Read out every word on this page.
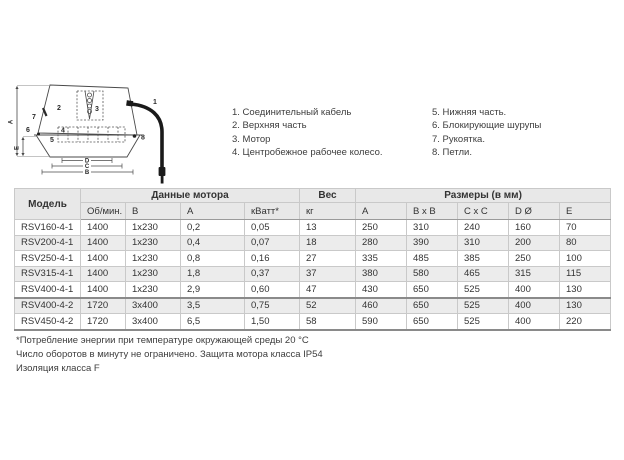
1
2	3
4
5
6
7
8
A
E
D
C
B
1. Соединительный кабель
2. Верхняя часть
3. Мотор
4. Центробежное рабочее колесо.
5. Нижняя часть.
6. Блокирующие шурупы
7. Рукоятка.
8. Петли.
Модель	Данные мотора				Вес	Размеры (в мм)				
	Об/мин.	В	А	кВатт*	кг	A	B x B	C x C	D Ø	E
RSV160-4-1	1400	1x230	0,2	0,05	13	250	310	240	160	70
RSV200-4-1	1400	1x230	0,4	0,07	18	280	390	310	200	80
RSV250-4-1	1400	1x230	0,8	0,16	27	335	485	385	250	100
RSV315-4-1	1400	1x230	1,8	0,37	37	380	580	465	315	115
RSV400-4-1	1400	1x230	2,9	0,60	47	430	650	525	400	130
RSV400-4-2	1720	3x400	3,5	0,75	52	460	650	525	400	130
RSV450-4-2	1720	3x400	6,5	1,50	58	590	650	525	400	220

*Потребление энергии при температуре окружающей среды 20 °C

Число оборотов в минуту не ограничено. Защита мотора класса IP54

Изоляция класса F
